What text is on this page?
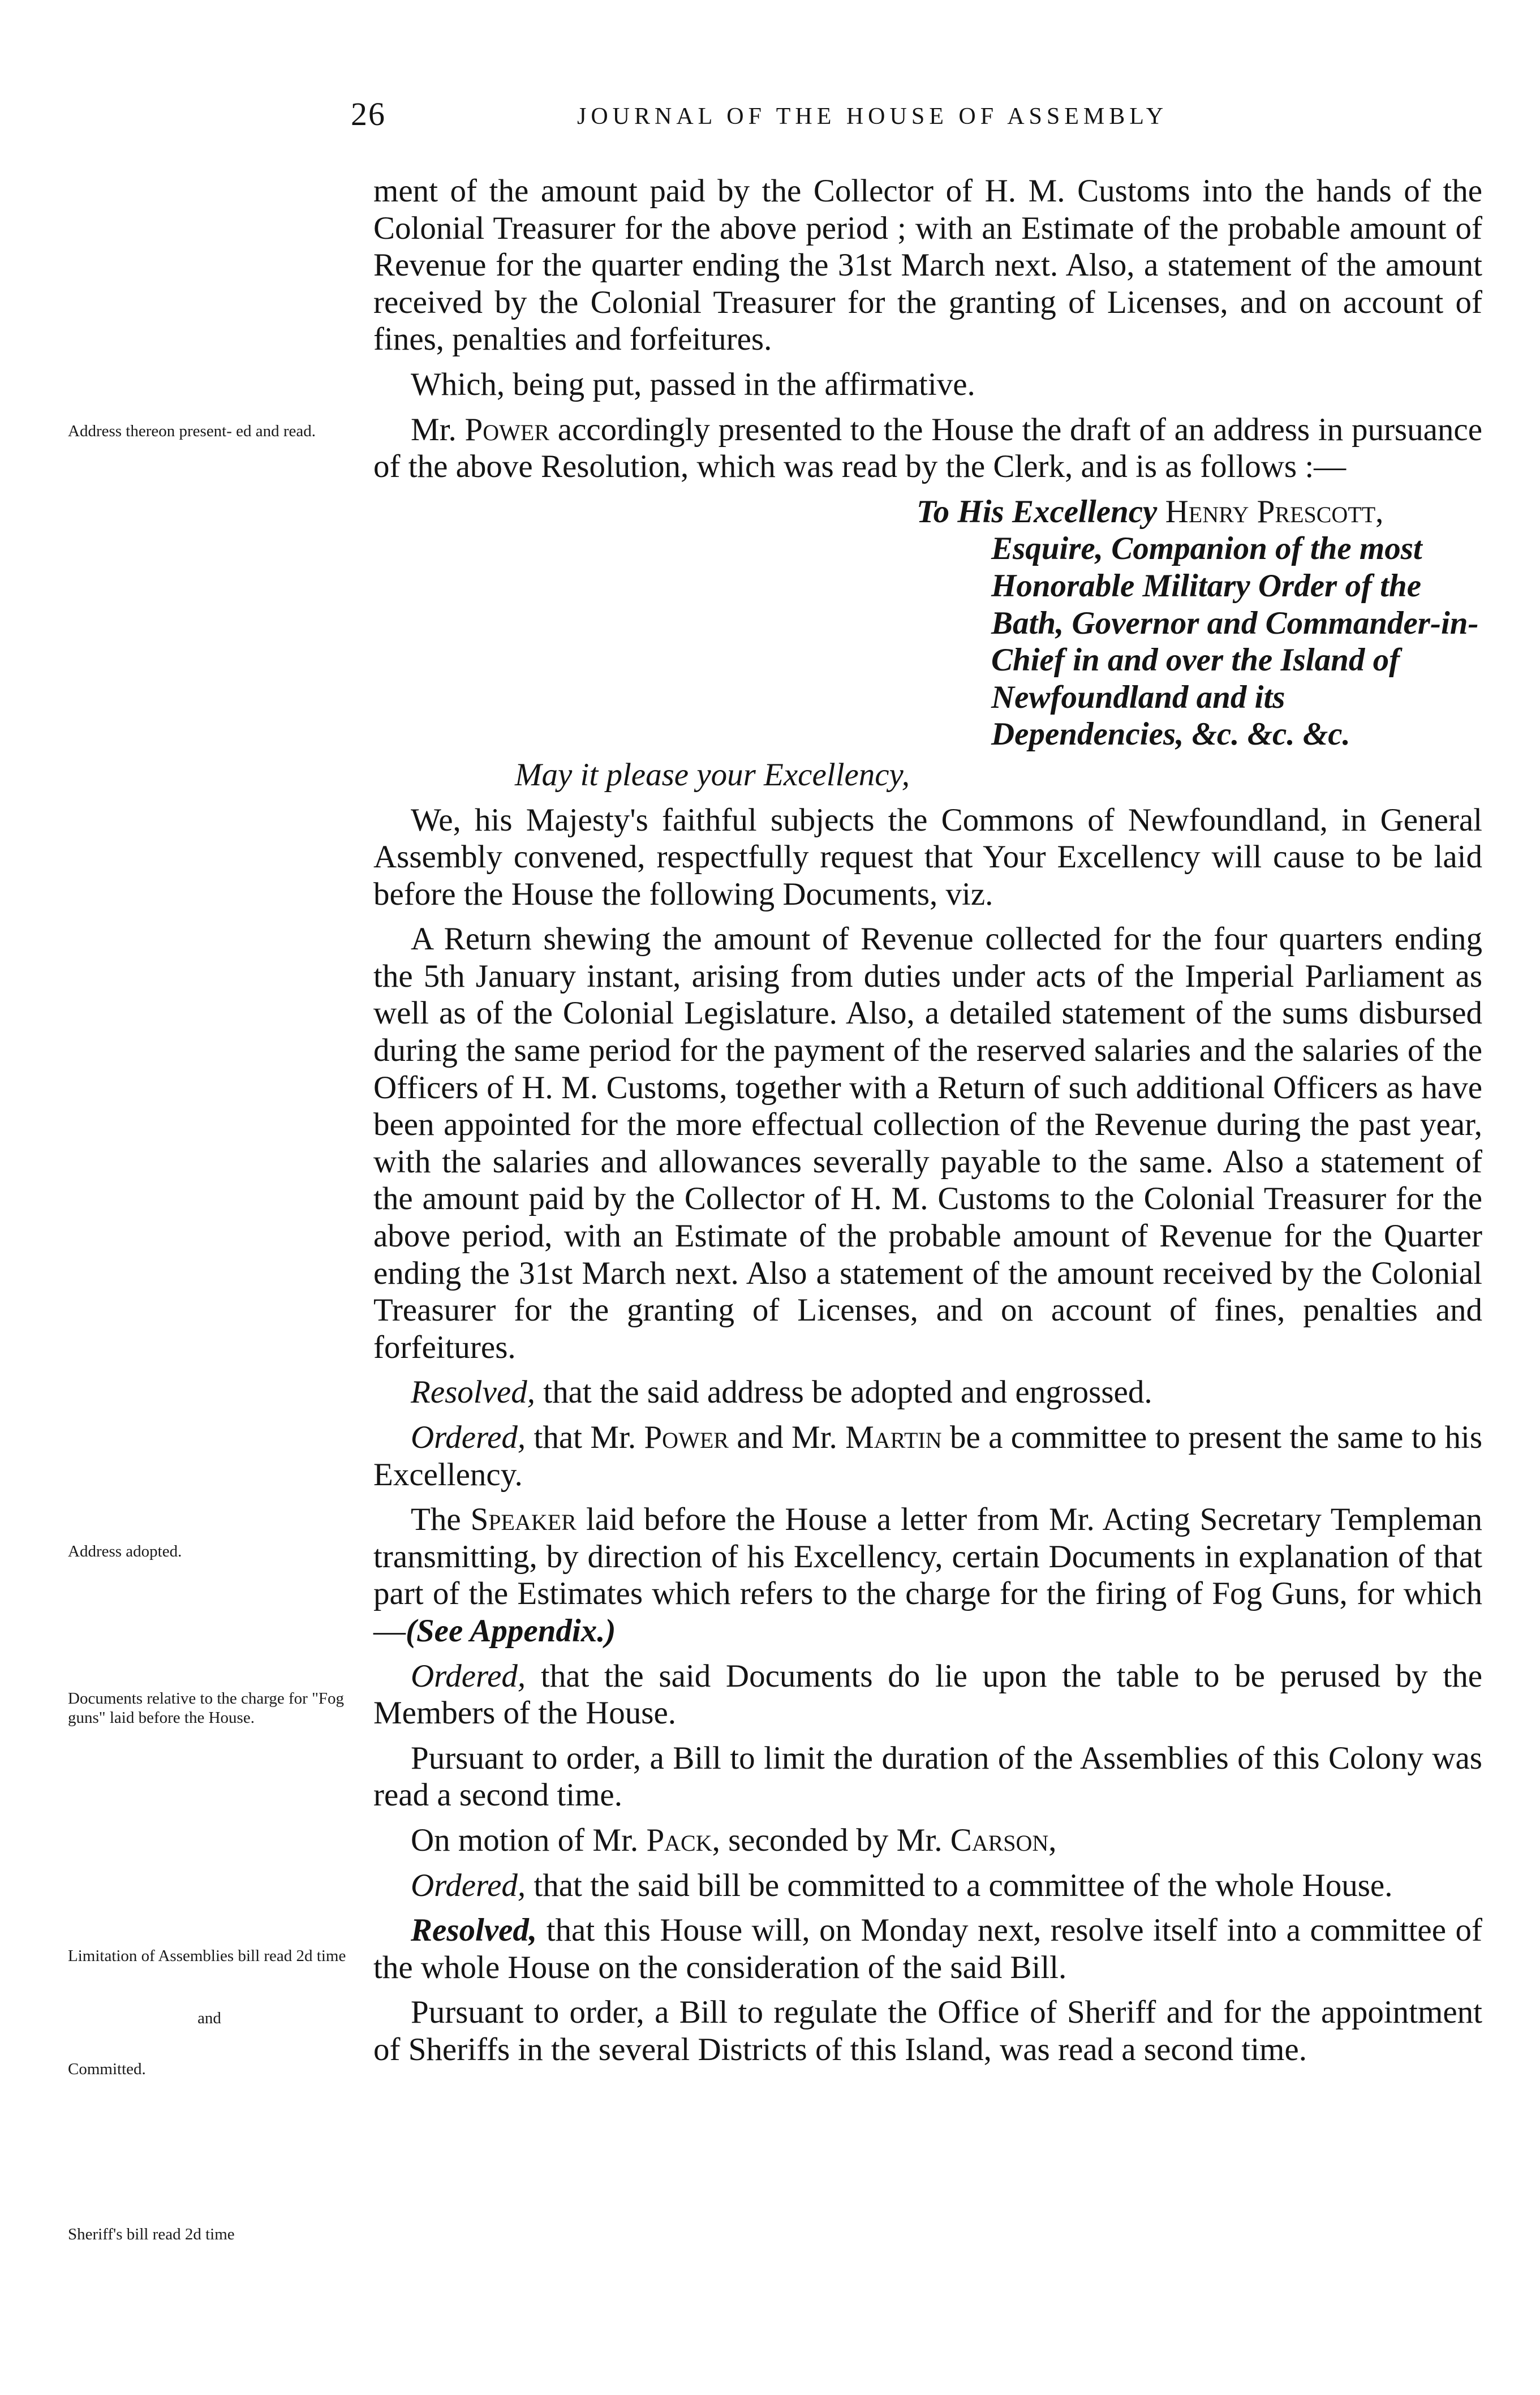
26	JOURNAL OF THE HOUSE OF ASSEMBLY
Address thereon present- ed and read.
Address adopted.
Documents relative to the charge for "Fog guns" laid before the House.
Limitation of Assemblies bill read 2d time
and
Committed.
Sheriff's bill read 2d time

ment of the amount paid by the Collector of H. M. Customs into the hands of the Colonial Treasurer for the above period ; with an Estimate of the probable amount of Revenue for the quarter ending the 31st March next. Also, a statement of the amount received by the Colonial Treasurer for the granting of Licenses, and on account of fines, penalties and forfeitures.

Which, being put, passed in the affirmative.

Mr. Power accordingly presented to the House the draft of an address in pursuance of the above Resolution, which was read by the Clerk, and is as follows :—

To His Excellency Henry Prescott,
Esquire, Companion of the most Honorable Military Order of the Bath, Governor and Commander-in-Chief in and over the Island of Newfoundland and its Dependencies, &c. &c. &c.

May it please your Excellency,

We, his Majesty's faithful subjects the Commons of Newfoundland, in General Assembly convened, respectfully request that Your Excellency will cause to be laid before the House the following Documents, viz.

A Return shewing the amount of Revenue collected for the four quarters ending the 5th January instant, arising from duties under acts of the Imperial Parliament as well as of the Colonial Legislature. Also, a detailed statement of the sums disbursed during the same period for the payment of the reserved salaries and the salaries of the Officers of H. M. Customs, together with a Return of such additional Officers as have been appointed for the more effectual collection of the Revenue during the past year, with the salaries and allowances severally payable to the same. Also a statement of the amount paid by the Collector of H. M. Customs to the Colonial Treasurer for the above period, with an Estimate of the probable amount of Revenue for the Quarter ending the 31st March next. Also a statement of the amount received by the Colonial Treasurer for the granting of Licenses, and on account of fines, penalties and forfeitures.

Resolved, that the said address be adopted and engrossed.

Ordered, that Mr. Power and Mr. Martin be a committee to present the same to his Excellency.

The Speaker laid before the House a letter from Mr. Acting Secretary Templeman transmitting, by direction of his Excellency, certain Documents in explanation of that part of the Estimates which refers to the charge for the firing of Fog Guns, for which—(See Appendix.)

Ordered, that the said Documents do lie upon the table to be perused by the Members of the House.

Pursuant to order, a Bill to limit the duration of the Assemblies of this Colony was read a second time.

On motion of Mr. Pack, seconded by Mr. Carson,

Ordered, that the said bill be committed to a committee of the whole House.

Resolved, that this House will, on Monday next, resolve itself into a committee of the whole House on the consideration of the said Bill.

Pursuant to order, a Bill to regulate the Office of Sheriff and for the appointment of Sheriffs in the several Districts of this Island, was read a second time.
